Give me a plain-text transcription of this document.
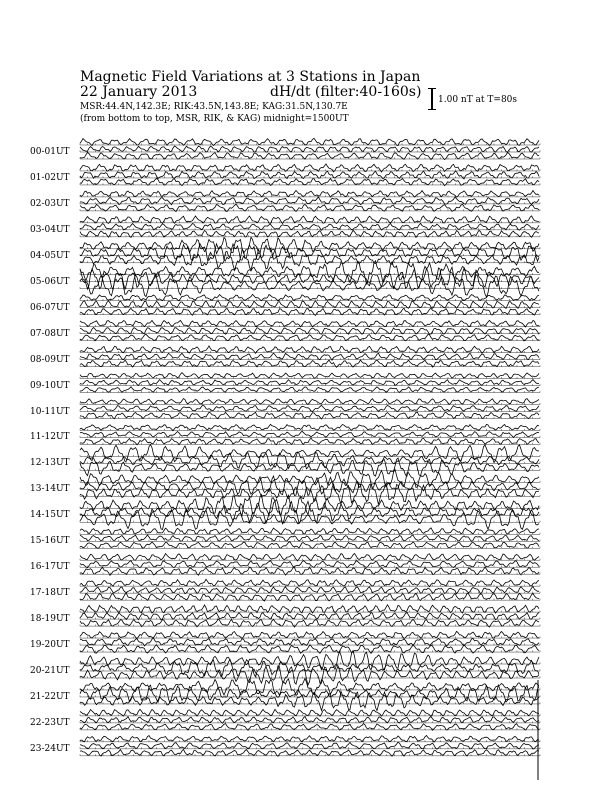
Magnetic Field Variations at 3 Stations in Japan
22 January 2013	dH/dt (filter:40-160s)
MSR:44.4N,142.3E; RIK:43.5N,143.8E; KAG:31.5N,130.7E
(from bottom to top, MSR, RIK, & KAG) midnight=1500UT
1.00 nT at T=80s
00-01UT
01-02UT
02-03UT
03-04UT
04-05UT
05-06UT
06-07UT
07-08UT
08-09UT
09-10UT
10-11UT
11-12UT
12-13UT
13-14UT
14-15UT
15-16UT
16-17UT
17-18UT
18-19UT
19-20UT
20-21UT
21-22UT
22-23UT
23-24UT
